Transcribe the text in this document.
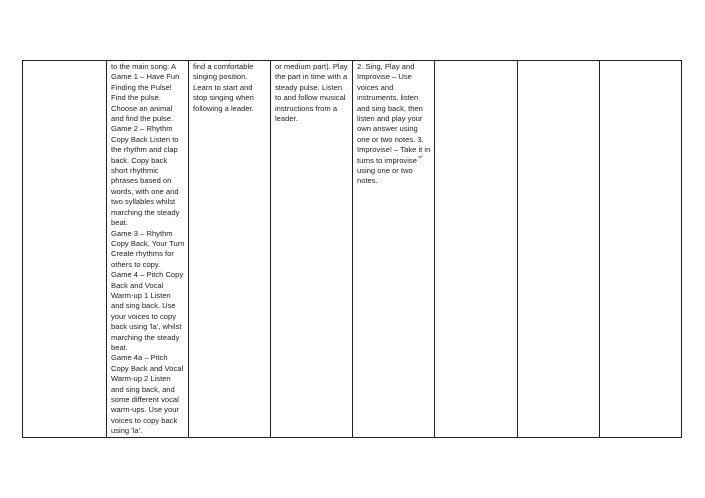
	to the main song: A Game 1 – Have Fun Finding the Pulse! Find the pulse. Choose an animal and find the pulse.
Game 2 – Rhythm Copy Back Listen to the rhythm and clap back. Copy back short rhythmic phrases based on words, with one and two syllables whilst marching the steady beat.
Game 3 – Rhythm Copy Back, Your Turn Create rhythms for others to copy.
Game 4 – Pitch Copy Back and Vocal Warm-up 1 Listen and sing back. Use your voices to copy back using 'la', whilst marching the steady beat.
Game 4a – Pitch Copy Back and Vocal Warm-up 2 Listen and sing back, and some different vocal warm-ups. Use your voices to copy back using 'la'.	find a comfortable singing position. Learn to start and stop singing when following a leader.	or medium part). Play the part in time with a steady pulse. Listen to and follow musical instructions from a leader.	2. Sing, Play and Improvise – Use voices and instruments, listen and sing back, then listen and play your own answer using one or two notes. 3. Improvise! – Take it in turns to improvise using one or two notes.			
